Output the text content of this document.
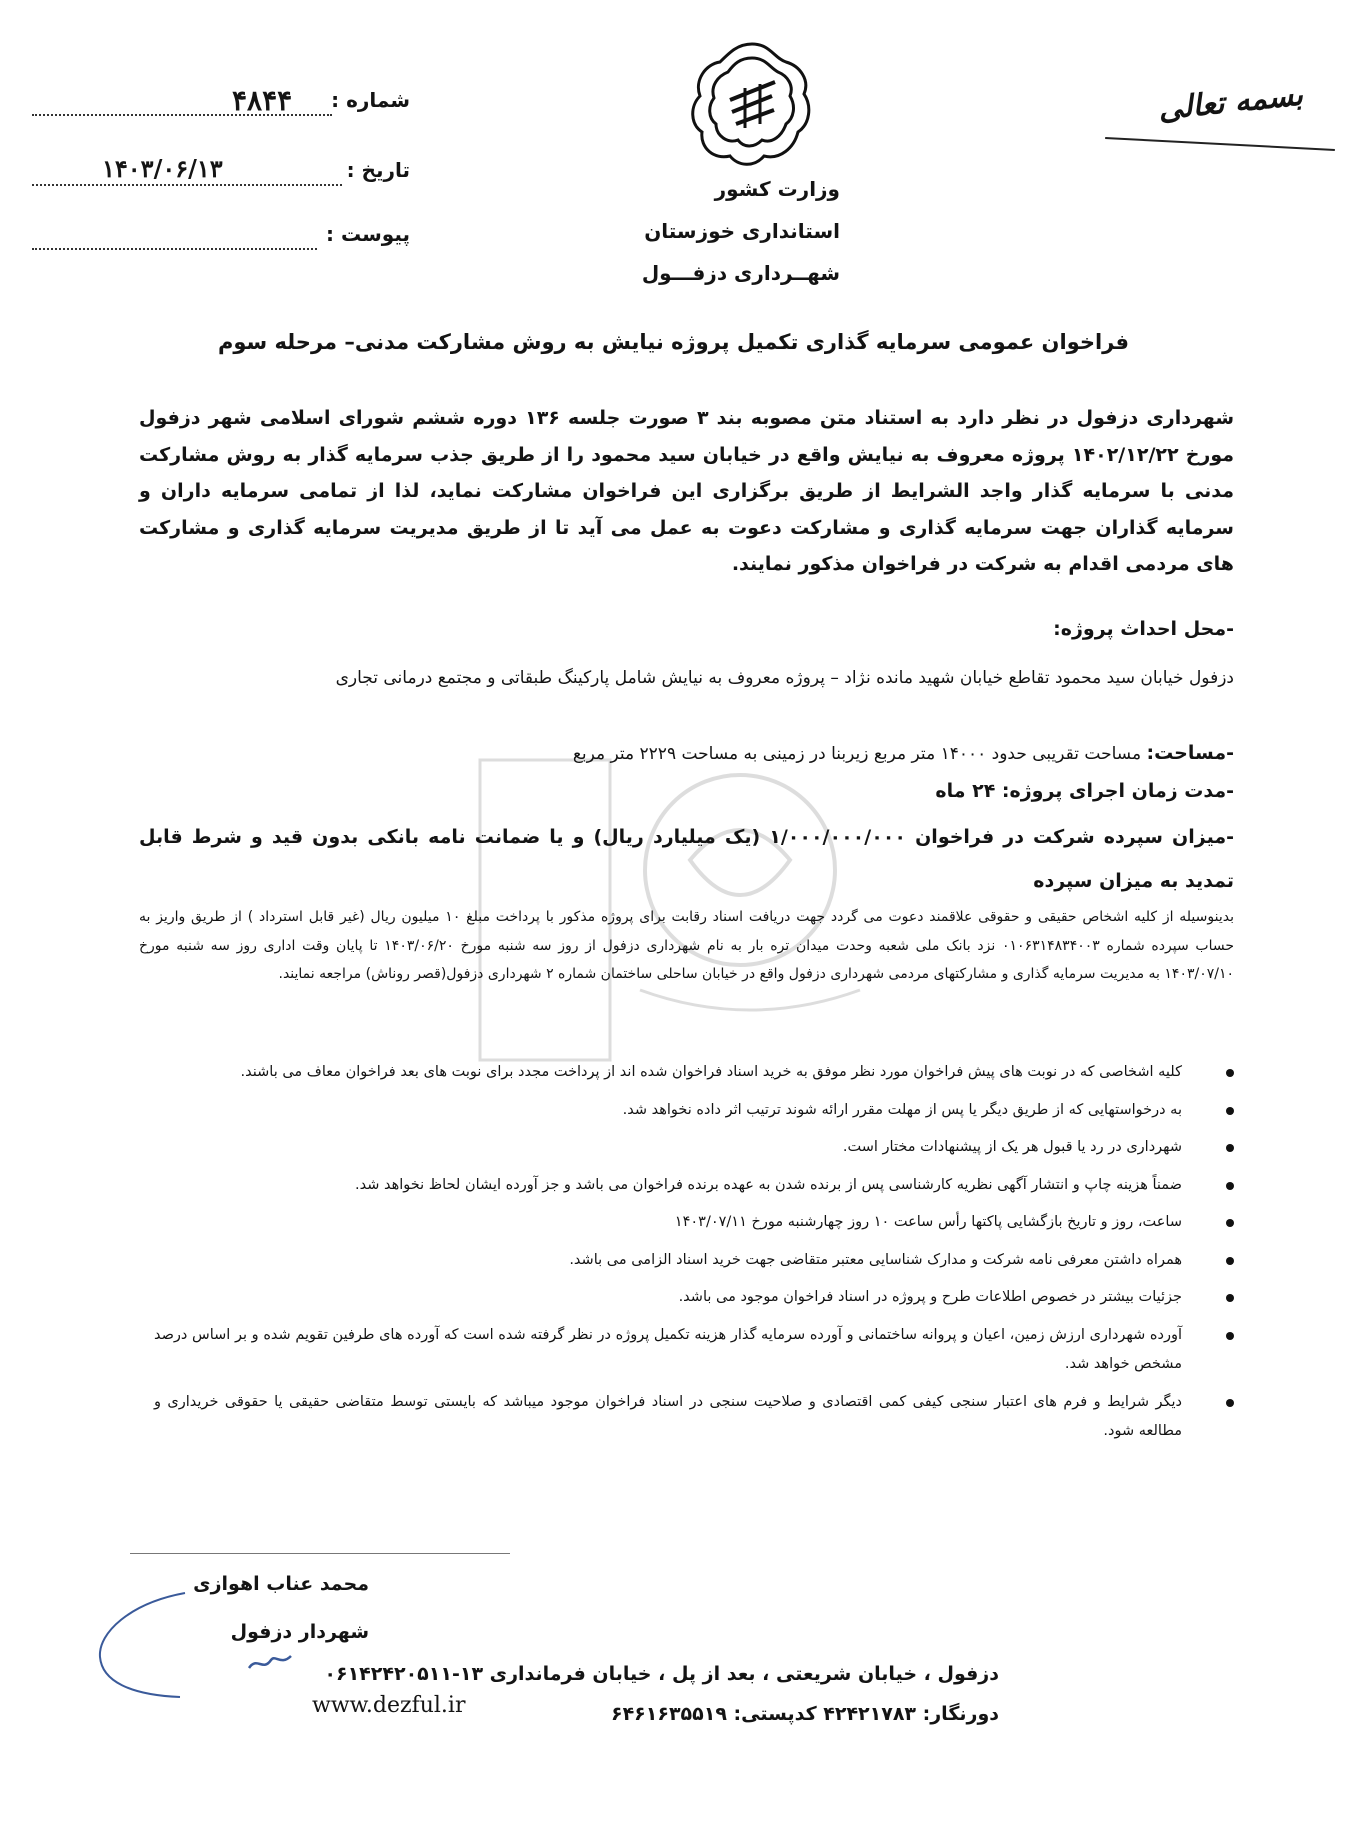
وزارت کشور
استانداری خوزستان
شهــرداری دزفـــول
بسمه تعالی
شماره :
۴۸۴۴
تاریخ :
۱۴۰۳/۰۶/۱۳
پیوست :
فراخوان عمومی سرمایه گذاری تکمیل پروژه نیایش به روش مشارکت مدنی– مرحله سوم
شهرداری دزفول در نظر دارد به استناد متن مصوبه بند ۳ صورت جلسه ۱۳۶ دوره ششم شورای اسلامی شهر دزفول مورخ ۱۴۰۲/۱۲/۲۲ پروژه معروف به نیایش واقع در خیابان سید محمود را از طریق جذب سرمایه گذار به روش مشارکت مدنی با سرمایه گذار واجد الشرایط از طریق برگزاری این فراخوان مشارکت نماید، لذا از تمامی سرمایه داران و سرمایه گذاران جهت سرمایه گذاری و مشارکت دعوت به عمل می آید تا از طریق مدیریت سرمایه گذاری و مشارکت های مردمی اقدام به شرکت در فراخوان مذکور نمایند.
-محل احداث پروژه:
دزفول خیابان سید محمود تقاطع خیابان شهید مانده نژاد – پروژه معروف به نیایش شامل پارکینگ طبقاتی و مجتمع درمانی تجاری
-مساحت: مساحت تقریبی حدود ۱۴۰۰۰ متر مربع زیربنا در زمینی به مساحت ۲۲۲۹ متر مربع
-مدت زمان اجرای پروژه: ۲۴ ماه
-میزان سپرده شرکت در فراخوان ۱/۰۰۰/۰۰۰/۰۰۰ (یک میلیارد ریال) و یا ضمانت نامه بانکی بدون قید و شرط قابل تمدید به میزان سپرده
بدینوسیله از کلیه اشخاص حقیقی و حقوقی علاقمند دعوت می گردد جهت دریافت اسناد رقابت برای پروژه مذکور با پرداخت مبلغ ۱۰ میلیون ریال (غیر قابل استرداد ) از طریق واریز به حساب سپرده شماره ۰۱۰۶۳۱۴۸۳۴۰۰۳ نزد بانک ملی شعبه وحدت میدان تره بار به نام شهرداری دزفول از روز سه شنبه مورخ ۱۴۰۳/۰۶/۲۰ تا پایان وقت اداری روز سه شنبه مورخ ۱۴۰۳/۰۷/۱۰ به مدیریت سرمایه گذاری و مشارکتهای مردمی شهرداری دزفول واقع در خیابان ساحلی ساختمان شماره ۲ شهرداری دزفول(قصر روناش) مراجعه نمایند.
کلیه اشخاصی که در نوبت های پیش فراخوان مورد نظر موفق به خرید اسناد فراخوان شده اند از پرداخت مجدد برای نوبت های بعد فراخوان معاف می باشند.
به درخواستهایی که از طریق دیگر یا پس از مهلت مقرر ارائه شوند ترتیب اثر داده نخواهد شد.
شهرداری در رد یا قبول هر یک از پیشنهادات مختار است.
ضمناً هزینه چاپ و انتشار آگهی نظریه کارشناسی پس از برنده شدن به عهده برنده فراخوان می باشد و جز آورده ایشان لحاظ نخواهد شد.
ساعت، روز و تاریخ بازگشایی پاکتها رأس ساعت ۱۰ روز چهارشنبه مورخ ۱۴۰۳/۰۷/۱۱
همراه داشتن معرفی نامه شرکت و مدارک شناسایی معتبر متقاضی جهت خرید اسناد الزامی می باشد.
جزئیات بیشتر در خصوص اطلاعات طرح و پروژه در اسناد فراخوان موجود می باشد.
آورده شهرداری ارزش زمین، اعیان و پروانه ساختمانی و آورده سرمایه گذار هزینه تکمیل پروژه در نظر گرفته شده است که آورده های طرفین تقویم شده و بر اساس درصد مشخص خواهد شد.
دیگر شرایط و فرم های اعتبار سنجی کیفی کمی اقتصادی و صلاحیت سنجی در اسناد فراخوان موجود میباشد که بایستی توسط متقاضی حقیقی یا حقوقی خریداری و مطالعه شود.
محمد عناب اهوازی
شهردار دزفول
دزفول ، خیابان شریعتی ، بعد از پل ، خیابان فرمانداری ۱۳-۰۶۱۴۲۴۲۰۵۱۱
دورنگار: ۴۲۴۲۱۷۸۳ کدپستی: ۶۴۶۱۶۳۵۵۱۹
www.dezful.ir
